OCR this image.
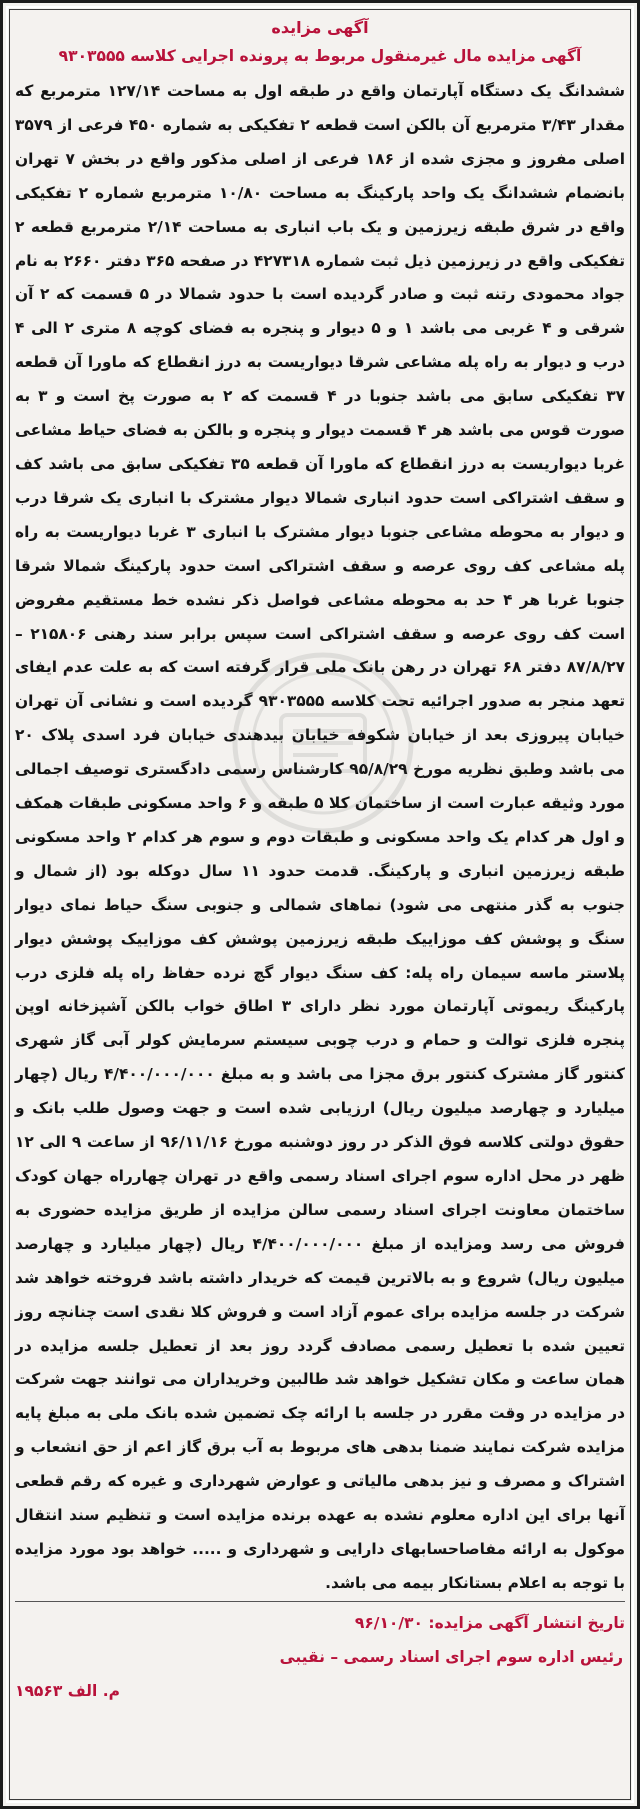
آگهی مزایده
آگهی مزایده مال غیرمنقول مربوط به پرونده اجرایی کلاسه ۹۳۰۳۵۵۵

ششدانگ یک دستگاه آپارتمان واقع در طبقه اول به مساحت ۱۲۷/۱۴ مترمربع که مقدار ۳/۴۳ مترمربع آن بالکن است قطعه ۲ تفکیکی به شماره ۴۵۰ فرعی از ۳۵۷۹ اصلی مفروز و مجزی شده از ۱۸۶ فرعی از اصلی مذکور واقع در بخش ۷ تهران بانضمام ششدانگ یک واحد پارکینگ به مساحت ۱۰/۸۰ مترمربع شماره ۲ تفکیکی واقع در شرق طبقه زیرزمین و یک باب انباری به مساحت ۲/۱۴ مترمربع قطعه ۲ تفکیکی واقع در زیرزمین ذیل ثبت شماره ۴۲۷۳۱۸ در صفحه ۳۶۵ دفتر ۲۶۶۰ به نام جواد محمودی رتنه ثبت و صادر گردیده است با حدود شمالا در ۵ قسمت که ۲ آن شرقی و ۴ غربی می باشد ۱ و ۵ دیوار و پنجره به فضای کوچه ۸ متری ۲ الی ۴ درب و دیوار به راه پله مشاعی شرقا دیواریست به درز انقطاع که ماورا آن قطعه ۳۷ تفکیکی سابق می باشد جنوبا در ۴ قسمت که ۲ به صورت پخ است و ۳ به صورت قوس می باشد هر ۴ قسمت دیوار و پنجره و بالکن به فضای حیاط مشاعی غربا دیواریست به درز انقطاع که ماورا آن قطعه ۳۵ تفکیکی سابق می باشد کف و سقف اشتراکی است حدود انباری شمالا دیوار مشترک با انباری یک شرقا درب و دیوار به محوطه مشاعی جنوبا دیوار مشترک با انباری ۳ غربا دیواریست به راه پله مشاعی کف روی عرصه و سقف اشتراکی است حدود پارکینگ شمالا شرقا جنوبا غربا هر ۴ حد به محوطه مشاعی فواصل ذکر نشده خط مستقیم مفروض است کف روی عرصه و سقف اشتراکی است سپس برابر سند رهنی ۲۱۵۸۰۶ – ۸۷/۸/۲۷ دفتر ۶۸ تهران در رهن بانک ملی قرار گرفته است که به علت عدم ایفای تعهد منجر به صدور اجرائیه تحت کلاسه ۹۳۰۳۵۵۵ گردیده است و نشانی آن تهران خیابان پیروزی بعد از خیابان شکوفه خیابان بیدهندی خیابان فرد اسدی پلاک ۲۰ می باشد وطبق نظریه مورخ ۹۵/۸/۲۹ کارشناس رسمی دادگستری توصیف اجمالی مورد وثیقه عبارت است از ساختمان کلا ۵ طبقه و ۶ واحد مسکونی طبقات همکف و اول هر کدام یک واحد مسکونی و طبقات دوم و سوم هر کدام ۲ واحد مسکونی طبقه زیرزمین انباری و پارکینگ. قدمت حدود ۱۱ سال دوکله بود (از شمال و جنوب به گذر منتهی می شود) نماهای شمالی و جنوبی سنگ حیاط نمای دیوار سنگ و پوشش کف موزاییک طبقه زیرزمین پوشش کف موزاییک پوشش دیوار پلاستر ماسه سیمان راه پله: کف سنگ دیوار گچ نرده حفاظ راه پله فلزی درب پارکینگ ریموتی آپارتمان مورد نظر دارای ۳ اطاق خواب بالکن آشپزخانه اوپن پنجره فلزی توالت و حمام و درب چوبی سیستم سرمایش کولر آبی گاز شهری کنتور گاز مشترک کنتور برق مجزا می باشد و به مبلغ ۴/۴۰۰/۰۰۰/۰۰۰ ریال (چهار میلیارد و چهارصد میلیون ریال) ارزیابی شده است و جهت وصول طلب بانک و حقوق دولتی کلاسه فوق الذکر در روز دوشنبه مورخ ۹۶/۱۱/۱۶ از ساعت ۹ الی ۱۲ ظهر در محل اداره سوم اجرای اسناد رسمی واقع در تهران چهارراه جهان کودک ساختمان معاونت اجرای اسناد رسمی سالن مزایده از طریق مزایده حضوری به فروش می رسد ومزایده از مبلغ ۴/۴۰۰/۰۰۰/۰۰۰ ریال (چهار میلیارد و چهارصد میلیون ریال) شروع و به بالاترین قیمت که خریدار داشته باشد فروخته خواهد شد شرکت در جلسه مزایده برای عموم آزاد است و فروش کلا نقدی است چنانچه روز تعیین شده با تعطیل رسمی مصادف گردد روز بعد از تعطیل جلسه مزایده در همان ساعت و مکان تشکیل خواهد شد طالبین وخریداران می توانند جهت شرکت در مزایده در وقت مقرر در جلسه با ارائه چک تضمین شده بانک ملی به مبلغ پایه مزایده شرکت نمایند ضمنا بدهی های مربوط به آب برق گاز اعم از حق انشعاب و اشتراک و مصرف و نیز بدهی مالیاتی و عوارض شهرداری و غیره که رقم قطعی آنها برای این اداره معلوم نشده به عهده برنده مزایده است و تنظیم سند انتقال موکول به ارائه مفاصاحسابهای دارایی و شهرداری و ..... خواهد بود مورد مزایده با توجه به اعلام بستانکار بیمه می باشد.

تاریخ انتشار آگهی مزایده: ۹۶/۱۰/۳۰

رئیس اداره سوم اجرای اسناد رسمی – نقیبی

م. الف ۱۹۵۶۳
